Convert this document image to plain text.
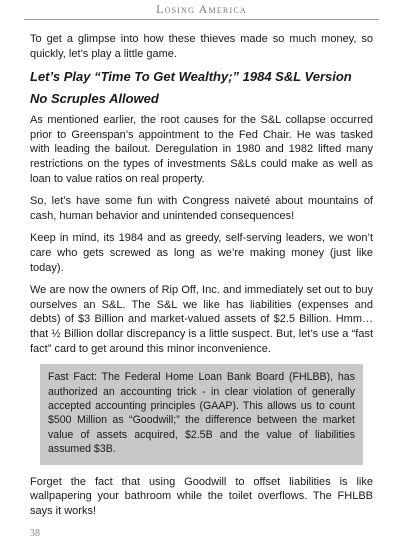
Losing America

To get a glimpse into how these thieves made so much money, so quickly, let’s play a little game.

Let’s Play “Time To Get Wealthy;” 1984 S&L Version
No Scruples Allowed

As mentioned earlier, the root causes for the S&L collapse occurred prior to Greenspan’s appointment to the Fed Chair. He was tasked with leading the bailout. Deregulation in 1980 and 1982 lifted many restrictions on the types of investments S&Ls could make as well as loan to value ratios on real property.

So, let’s have some fun with Congress naiveté about mountains of cash, human behavior and unintended consequences!

Keep in mind, its 1984 and as greedy, self-serving leaders, we won’t care who gets screwed as long as we’re making money (just like today).

We are now the owners of Rip Off, Inc. and immediately set out to buy ourselves an S&L. The S&L we like has liabilities (expenses and debts) of $3 Billion and market-valued assets of $2.5 Billion. Hmm…that ½ Billion dollar discrepancy is a little suspect. But, let’s use a “fast fact” card to get around this minor inconvenience.

Fast Fact: The Federal Home Loan Bank Board (FHLBB), has authorized an accounting trick - in clear violation of generally accepted accounting principles (GAAP). This allows us to count $500 Million as “Goodwill;” the difference between the market value of assets acquired, $2.5B and the value of liabilities assumed $3B.

Forget the fact that using Goodwill to offset liabilities is like wallpapering your bathroom while the toilet overflows. The FHLBB says it works!

38
